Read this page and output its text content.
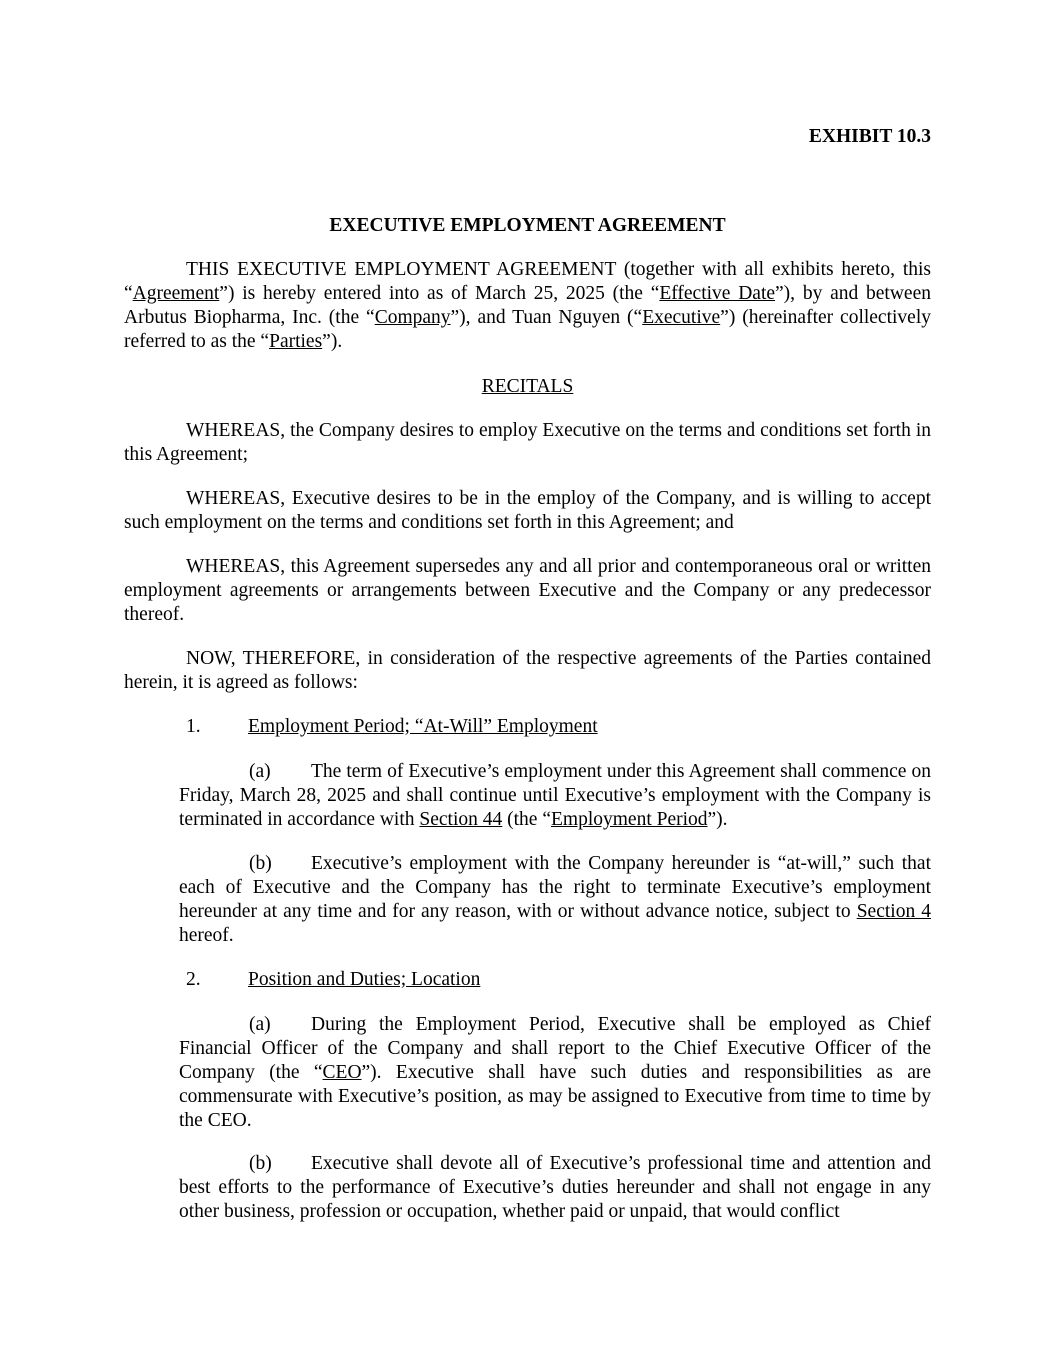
EXHIBIT 10.3
EXECUTIVE EMPLOYMENT AGREEMENT

THIS EXECUTIVE EMPLOYMENT AGREEMENT (together with all exhibits hereto, this “Agreement”) is hereby entered into as of March 25, 2025 (the “Effective Date”), by and between Arbutus Biopharma, Inc. (the “Company”), and Tuan Nguyen (“Executive”) (hereinafter collectively referred to as the “Parties”).

RECITALS

WHEREAS, the Company desires to employ Executive on the terms and conditions set forth in this Agreement;

WHEREAS, Executive desires to be in the employ of the Company, and is willing to accept such employment on the terms and conditions set forth in this Agreement; and

WHEREAS, this Agreement supersedes any and all prior and contemporaneous oral or written employment agreements or arrangements between Executive and the Company or any predecessor thereof.

NOW, THEREFORE, in consideration of the respective agreements of the Parties contained herein, it is agreed as follows:

1. Employment Period; “At-Will” Employment

(a) The term of Executive’s employment under this Agreement shall commence on Friday, March 28, 2025 and shall continue until Executive’s employment with the Company is terminated in accordance with Section 44 (the “Employment Period”).

(b) Executive’s employment with the Company hereunder is “at-will,” such that each of Executive and the Company has the right to terminate Executive’s employment hereunder at any time and for any reason, with or without advance notice, subject to Section 4 hereof.

2. Position and Duties; Location

(a) During the Employment Period, Executive shall be employed as Chief Financial Officer of the Company and shall report to the Chief Executive Officer of the Company (the “CEO”). Executive shall have such duties and responsibilities as are commensurate with Executive’s position, as may be assigned to Executive from time to time by the CEO.

(b) Executive shall devote all of Executive’s professional time and attention and best efforts to the performance of Executive’s duties hereunder and shall not engage in any other business, profession or occupation, whether paid or unpaid, that would conflict
